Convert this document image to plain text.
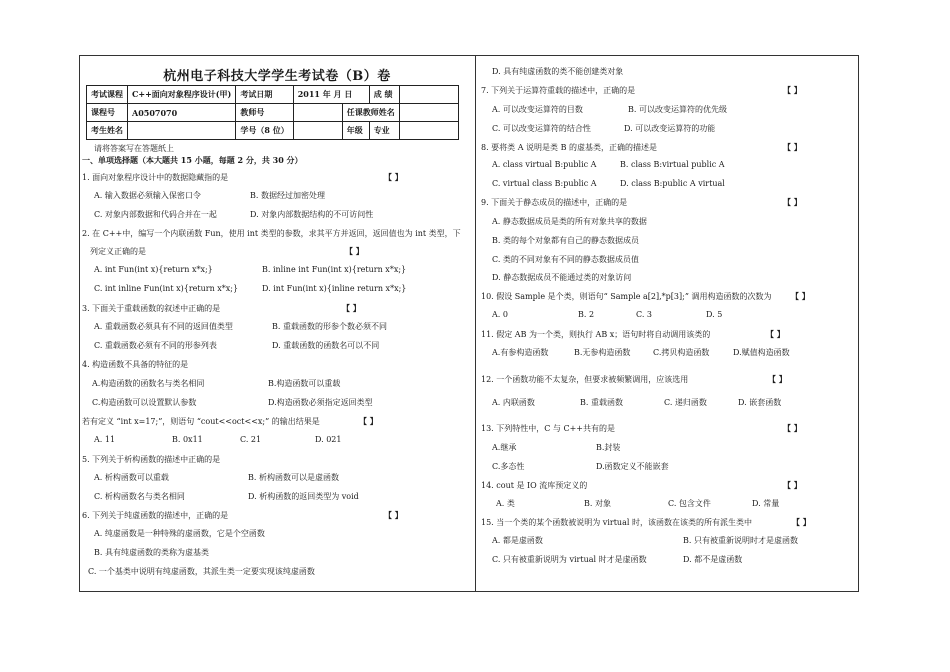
杭州电子科技大学学生考试卷（B）卷
考试课程	C++面向对象程序设计(甲)	考试日期	2011 年 月 日		成 绩	
课程号	A0507070	教师号		任课教师姓名		
考生姓名		学号（8 位）		年级	专业	
请将答案写在答题纸上
一、单项选择题（本大题共 15 小题，每题 2 分，共 30 分）
1. 面向对象程序设计中的数据隐藏指的是	【 】
A. 输入数据必须输入保密口令	B. 数据经过加密处理
C. 对象内部数据和代码合并在一起	D. 对象内部数据结构的不可访问性
2. 在 C++中，编写一个内联函数 Fun，使用 int 类型的参数，求其平方并返回，返回值也为 int 类型，下
列定义正确的是	【 】
A. int Fun(int x){return x*x;}	B. inline int Fun(int x){return x*x;}
C. int inline Fun(int x){return x*x;}	D. int Fun(int x){inline return x*x;}
3. 下面关于重载函数的叙述中正确的是	【 】
A. 重载函数必须具有不同的返回值类型	B. 重载函数的形参个数必须不同
C. 重载函数必须有不同的形参列表	D. 重载函数的函数名可以不同
4. 构造函数不具备的特征的是
A.构造函数的函数名与类名相同	B.构造函数可以重载
C.构造函数可以设置默认参数	D.构造函数必须指定返回类型
若有定义 “int x=17;”，则语句 “cout<<oct<<x;” 的输出结果是	【 】
A. 11	B. 0x11	C. 21	D. 021
5. 下列关于析构函数的描述中正确的是
A. 析构函数可以重载	B. 析构函数可以是虚函数
C. 析构函数名与类名相同	D. 析构函数的返回类型为 void
6. 下列关于纯虚函数的描述中，正确的是	【 】
A. 纯虚函数是一种特殊的虚函数，它是个空函数
B. 具有纯虚函数的类称为虚基类
C. 一个基类中说明有纯虚函数，其派生类一定要实现该纯虚函数
D. 具有纯虚函数的类不能创建类对象
7. 下列关于运算符重载的描述中，正确的是	【 】
A. 可以改变运算符的目数	B. 可以改变运算符的优先级
C. 可以改变运算符的结合性	D. 可以改变运算符的功能
8. 要将类 A 说明是类 B 的虚基类，正确的描述是	【 】
A. class virtual B:public A	B. class B:virtual public A
C. virtual class B:public A	D. class B:public A virtual
9. 下面关于静态成员的描述中，正确的是	【 】
A. 静态数据成员是类的所有对象共享的数据
B. 类的每个对象都有自己的静态数据成员
C. 类的不同对象有不同的静态数据成员值
D. 静态数据成员不能通过类的对象访问
10. 假设 Sample 是个类，则语句“ Sample a[2],*p[3];” 调用构造函数的次数为 【 】
A. 0	B. 2	C. 3	D. 5
11. 假定 AB 为一个类，则执行 AB x；语句时将自动调用该类的	【 】
A.有参构造函数	B.无参构造函数	C.拷贝构造函数	D.赋值构造函数
12. 一个函数功能不太复杂，但要求被频繁调用，应该选用	【 】
A. 内联函数	B. 重载函数	C. 递归函数	D. 嵌套函数
13. 下列特性中，C 与 C++共有的是	【 】
A.继承	B.封装
C.多态性	D.函数定义不能嵌套
14. cout 是 IO 流库预定义的	【 】
A. 类	B. 对象	C. 包含文件	D. 常量
15. 当一个类的某个函数被说明为 virtual 时，该函数在该类的所有派生类中	【 】
A. 都是虚函数	B. 只有被重新说明时才是虚函数
C. 只有被重新说明为 virtual 时才是虚函数	D. 都不是虚函数
